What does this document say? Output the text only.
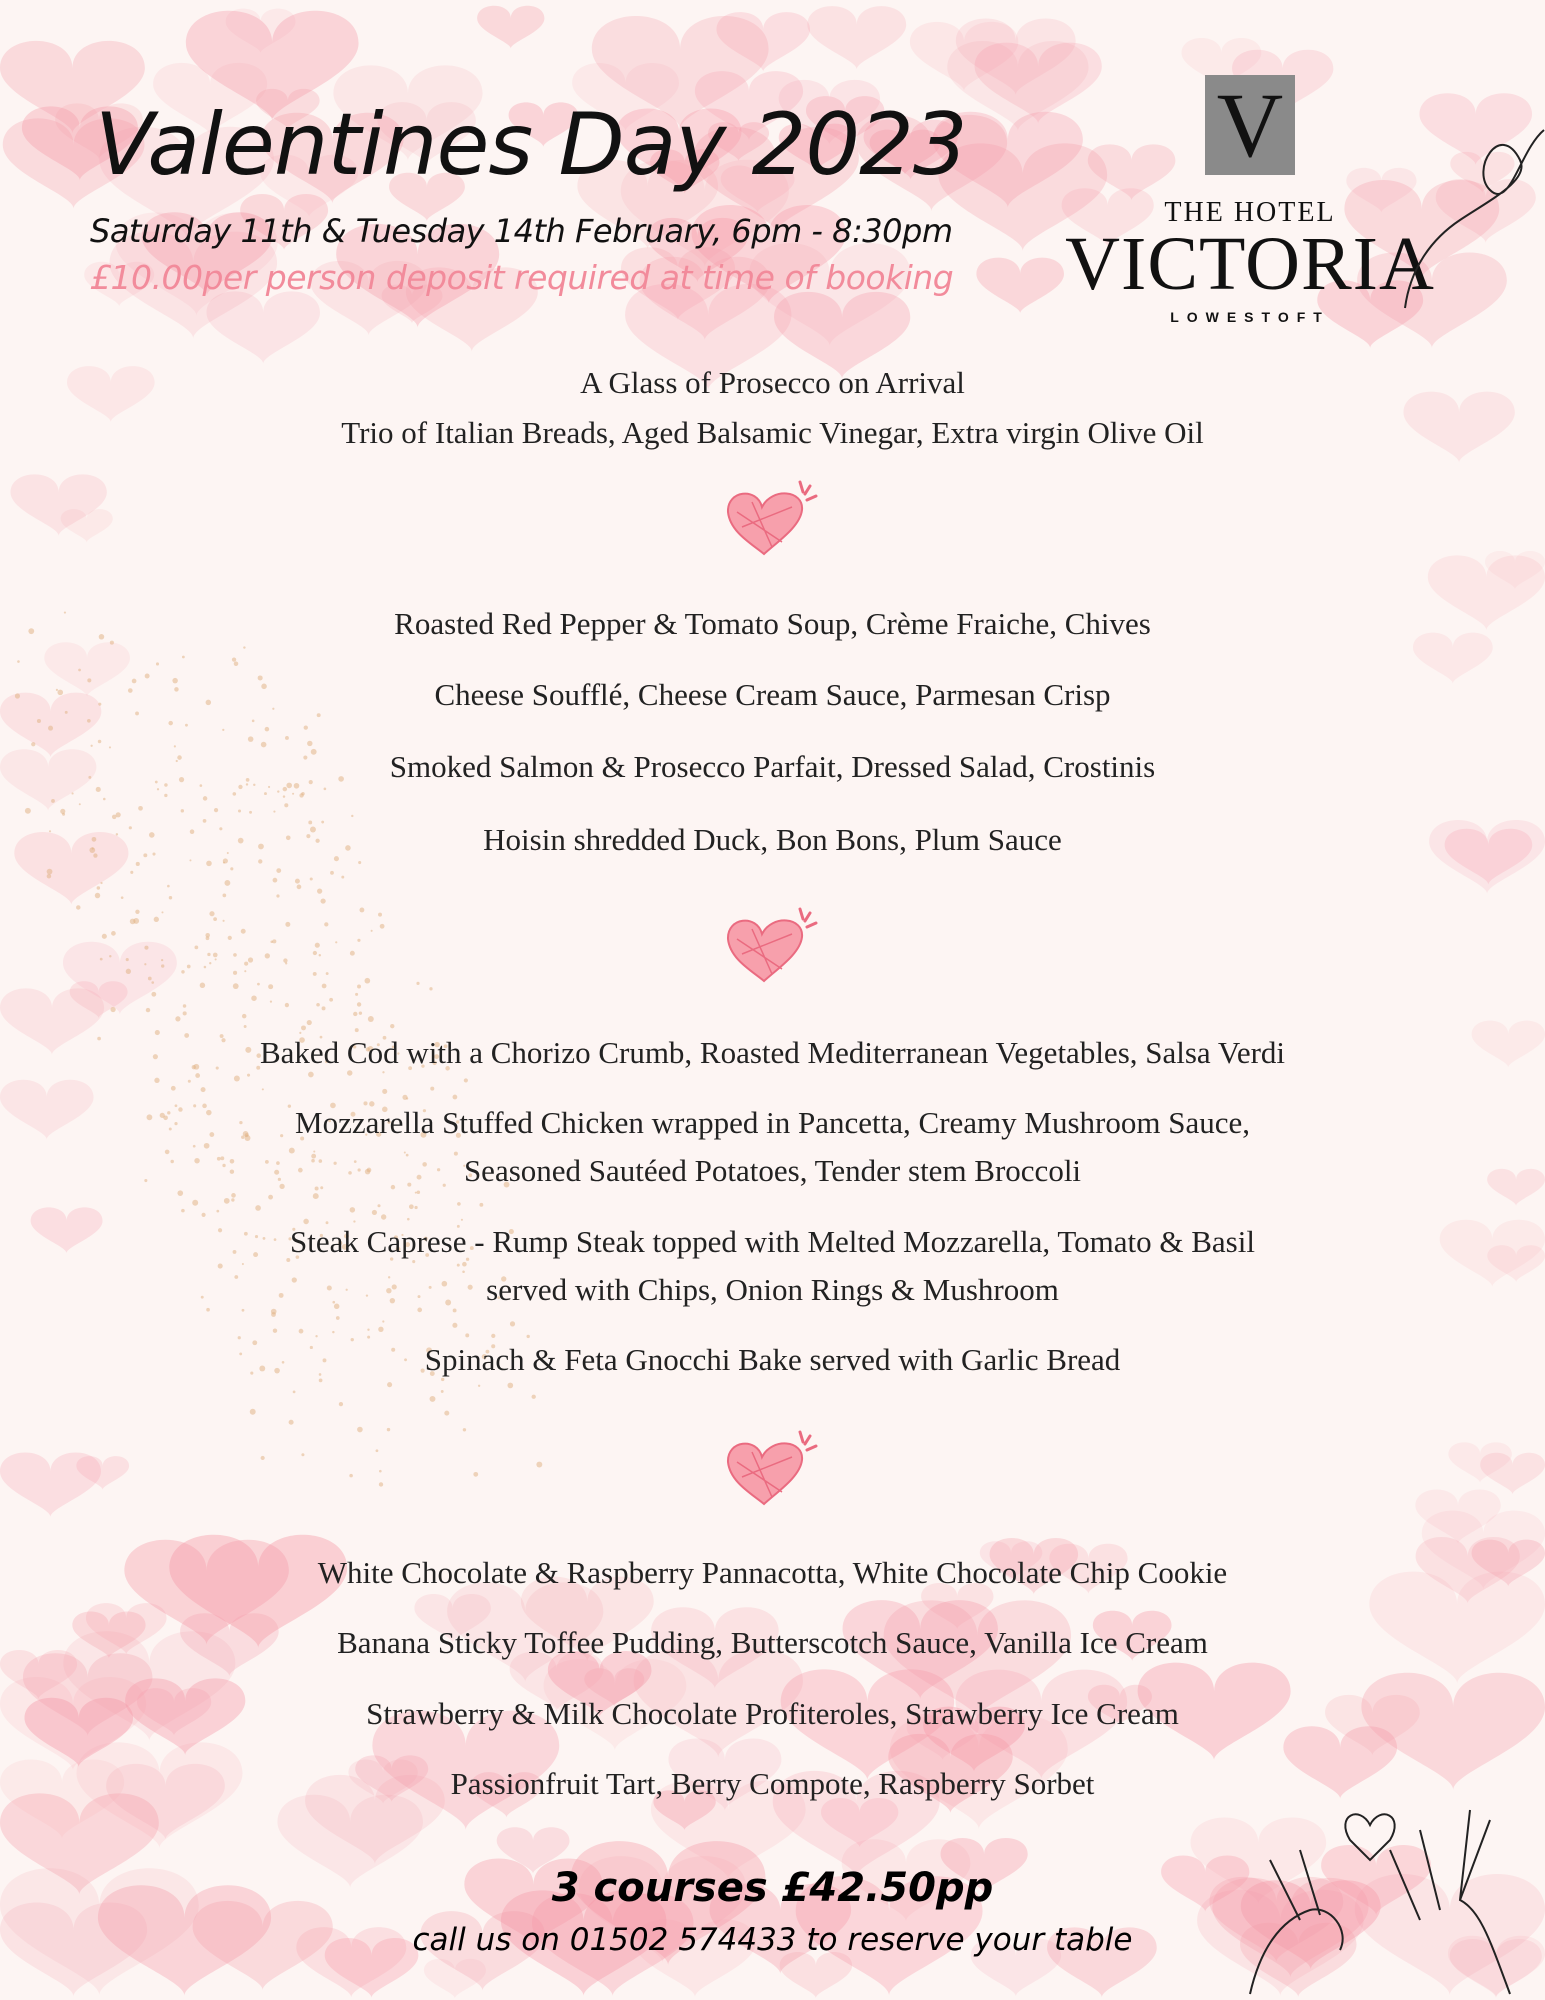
Valentines Day 2023
Saturday 11th & Tuesday 14th February, 6pm - 8:30pm
£10.00per person deposit required at time of booking
V
THE HOTEL
VICTORIA
LOWESTOFT
A Glass of Prosecco on Arrival
Trio of Italian Breads, Aged Balsamic Vinegar, Extra virgin Olive Oil
Roasted Red Pepper & Tomato Soup, Crème Fraiche, Chives
Cheese Soufflé, Cheese Cream Sauce, Parmesan Crisp
Smoked Salmon & Prosecco Parfait, Dressed Salad, Crostinis
Hoisin shredded Duck, Bon Bons, Plum Sauce
Baked Cod with a Chorizo Crumb, Roasted Mediterranean Vegetables, Salsa Verdi
Mozzarella Stuffed Chicken wrapped in Pancetta, Creamy Mushroom Sauce,
Seasoned Sautéed Potatoes, Tender stem Broccoli
Steak Caprese - Rump Steak topped with Melted Mozzarella, Tomato & Basil
served with Chips, Onion Rings & Mushroom
Spinach & Feta Gnocchi Bake served with Garlic Bread
White Chocolate & Raspberry Pannacotta, White Chocolate Chip Cookie
Banana Sticky Toffee Pudding, Butterscotch Sauce, Vanilla Ice Cream
Strawberry & Milk Chocolate Profiteroles, Strawberry Ice Cream
Passionfruit Tart, Berry Compote, Raspberry Sorbet
3 courses £42.50pp
call us on 01502 574433 to reserve your table
